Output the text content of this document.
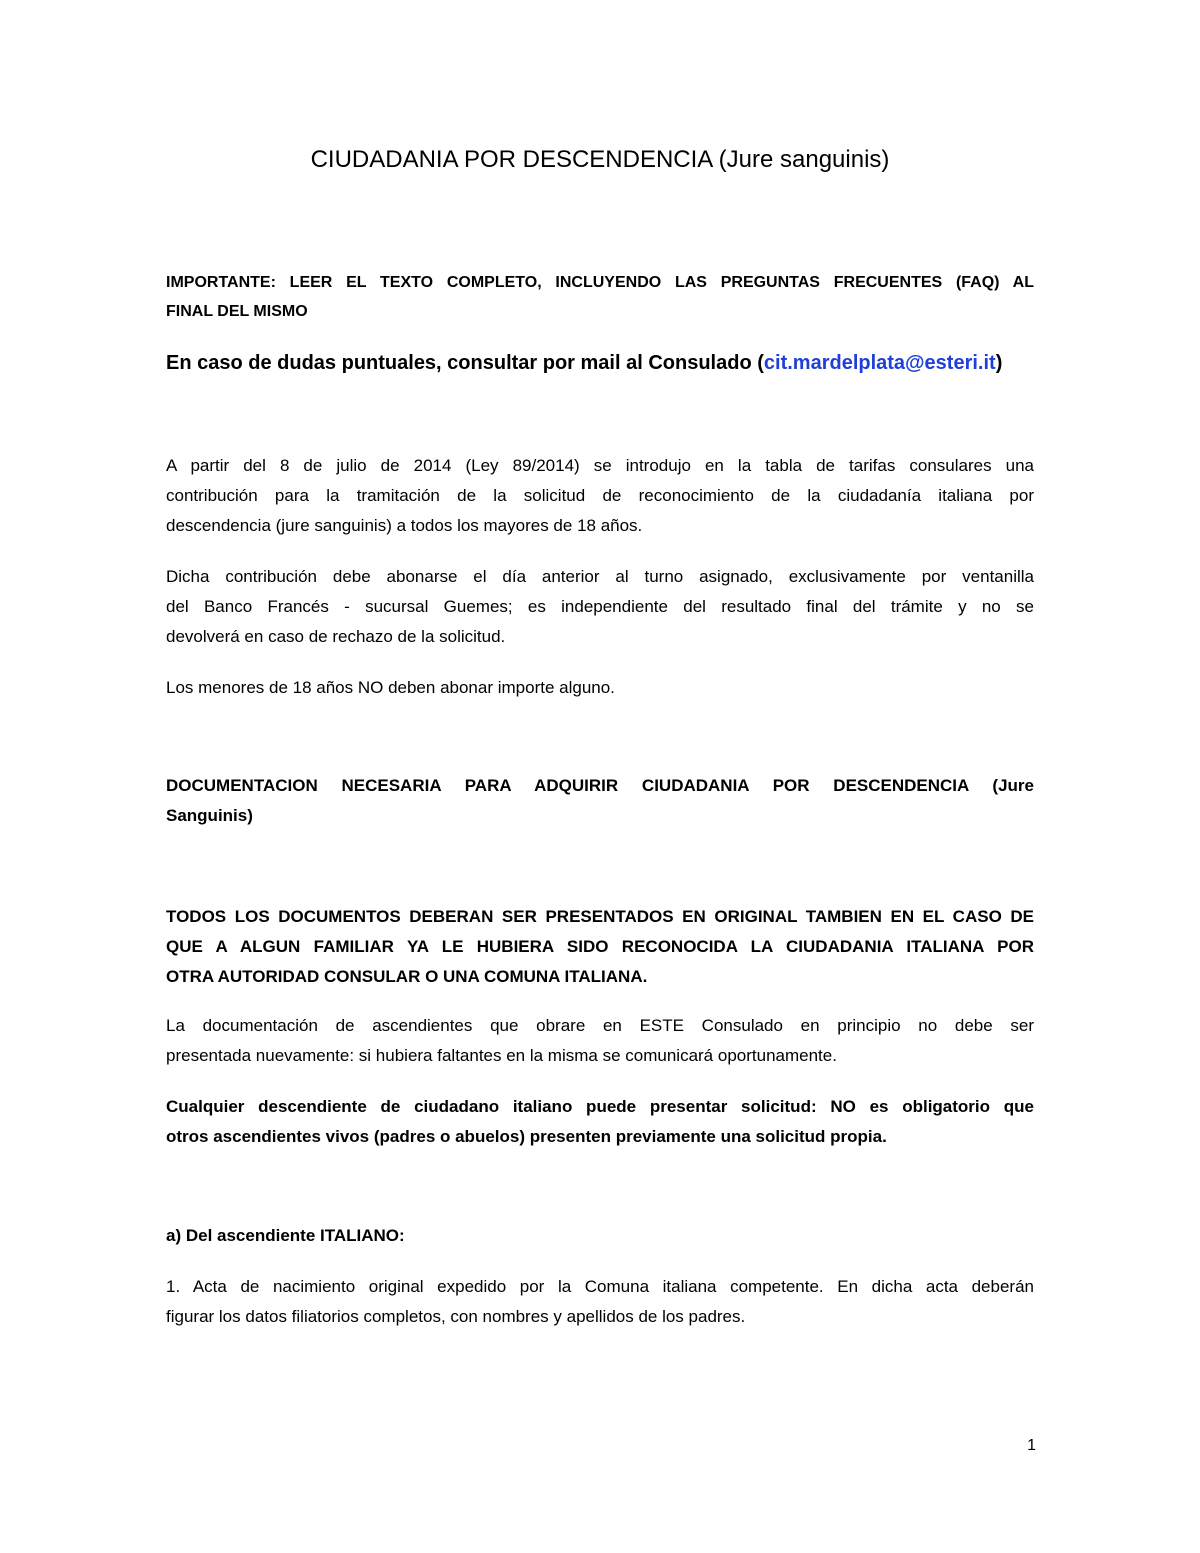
CIUDADANIA POR DESCENDENCIA (Jure sanguinis)

IMPORTANTE: LEER EL TEXTO COMPLETO, INCLUYENDO LAS PREGUNTAS FRECUENTES (FAQ) AL
FINAL DEL MISMO

En caso de dudas puntuales, consultar por mail al Consulado (cit.mardelplata@esteri.it)

A partir del 8 de julio de 2014 (Ley 89/2014) se introdujo en la tabla de tarifas consulares una
contribución para la tramitación de la solicitud de reconocimiento de la ciudadanía italiana por
descendencia (jure sanguinis) a todos los mayores de 18 años.

Dicha contribución debe abonarse el día anterior al turno asignado, exclusivamente por ventanilla
del Banco Francés - sucursal Guemes; es independiente del resultado final del trámite y no se
devolverá en caso de rechazo de la solicitud.

Los menores de 18 años NO deben abonar importe alguno.

DOCUMENTACION NECESARIA PARA ADQUIRIR CIUDADANIA POR DESCENDENCIA (Jure
Sanguinis)

TODOS LOS DOCUMENTOS DEBERAN SER PRESENTADOS EN ORIGINAL TAMBIEN EN EL CASO DE
QUE A ALGUN FAMILIAR YA LE HUBIERA SIDO RECONOCIDA LA CIUDADANIA ITALIANA POR
OTRA AUTORIDAD CONSULAR O UNA COMUNA ITALIANA.

La documentación de ascendientes que obrare en ESTE Consulado en principio no debe ser
presentada nuevamente: si hubiera faltantes en la misma se comunicará oportunamente.

Cualquier descendiente de ciudadano italiano puede presentar solicitud: NO es obligatorio que
otros ascendientes vivos (padres o abuelos) presenten previamente una solicitud propia.

a) Del ascendiente ITALIANO:

1. Acta de nacimiento original expedido por la Comuna italiana competente. En dicha acta deberán
figurar los datos filiatorios completos, con nombres y apellidos de los padres.

1
